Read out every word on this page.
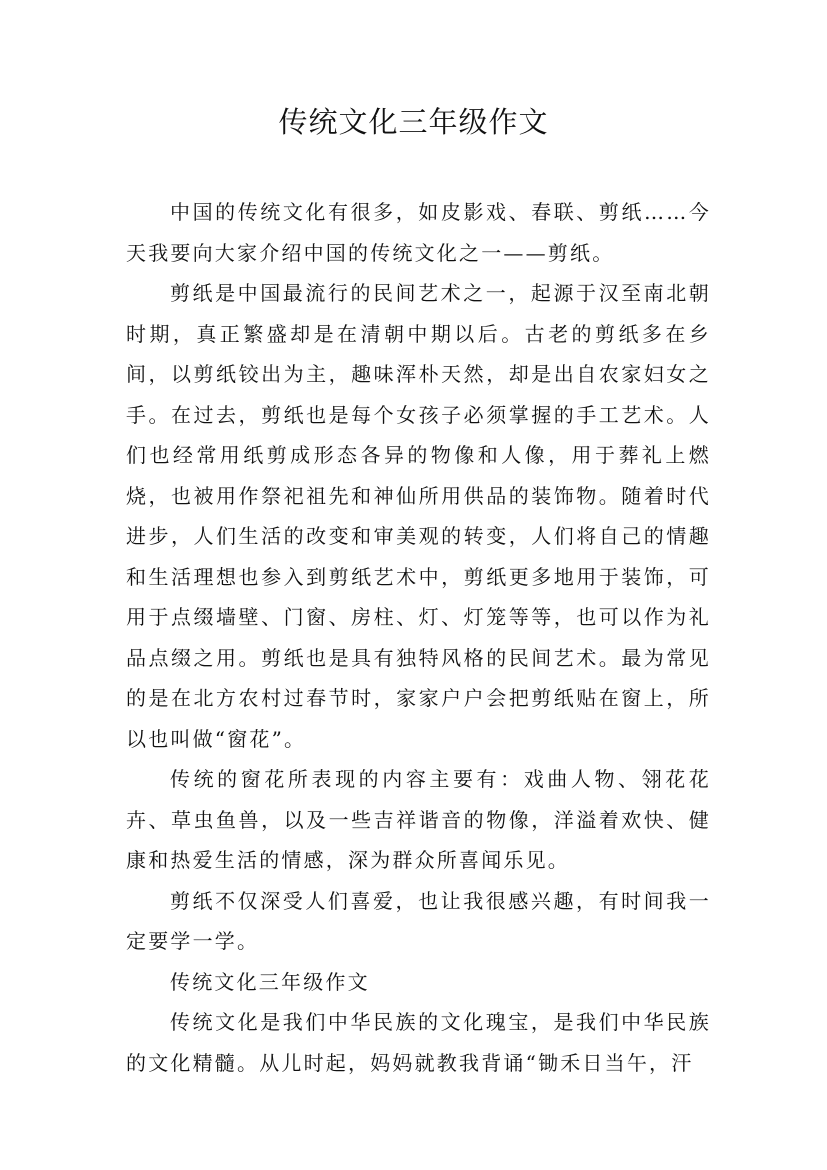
传统文化三年级作文

中国的传统文化有很多，如皮影戏、春联、剪纸……今天我要向大家介绍中国的传统文化之一——剪纸。

剪纸是中国最流行的民间艺术之一，起源于汉至南北朝时期，真正繁盛却是在清朝中期以后。古老的剪纸多在乡间，以剪纸铰出为主，趣味浑朴天然，却是出自农家妇女之手。在过去，剪纸也是每个女孩子必须掌握的手工艺术。人们也经常用纸剪成形态各异的物像和人像，用于葬礼上燃烧，也被用作祭祀祖先和神仙所用供品的装饰物。随着时代进步，人们生活的改变和审美观的转变，人们将自己的情趣和生活理想也参入到剪纸艺术中，剪纸更多地用于装饰，可用于点缀墙壁、门窗、房柱、灯、灯笼等等，也可以作为礼品点缀之用。剪纸也是具有独特风格的民间艺术。最为常见的是在北方农村过春节时，家家户户会把剪纸贴在窗上，所以也叫做“窗花”。

传统的窗花所表现的内容主要有：戏曲人物、翎花花卉、草虫鱼兽，以及一些吉祥谐音的物像，洋溢着欢快、健康和热爱生活的情感，深为群众所喜闻乐见。

剪纸不仅深受人们喜爱，也让我很感兴趣，有时间我一定要学一学。

传统文化三年级作文

传统文化是我们中华民族的文化瑰宝，是我们中华民族的文化精髓。从儿时起，妈妈就教我背诵“锄禾日当午，汗
